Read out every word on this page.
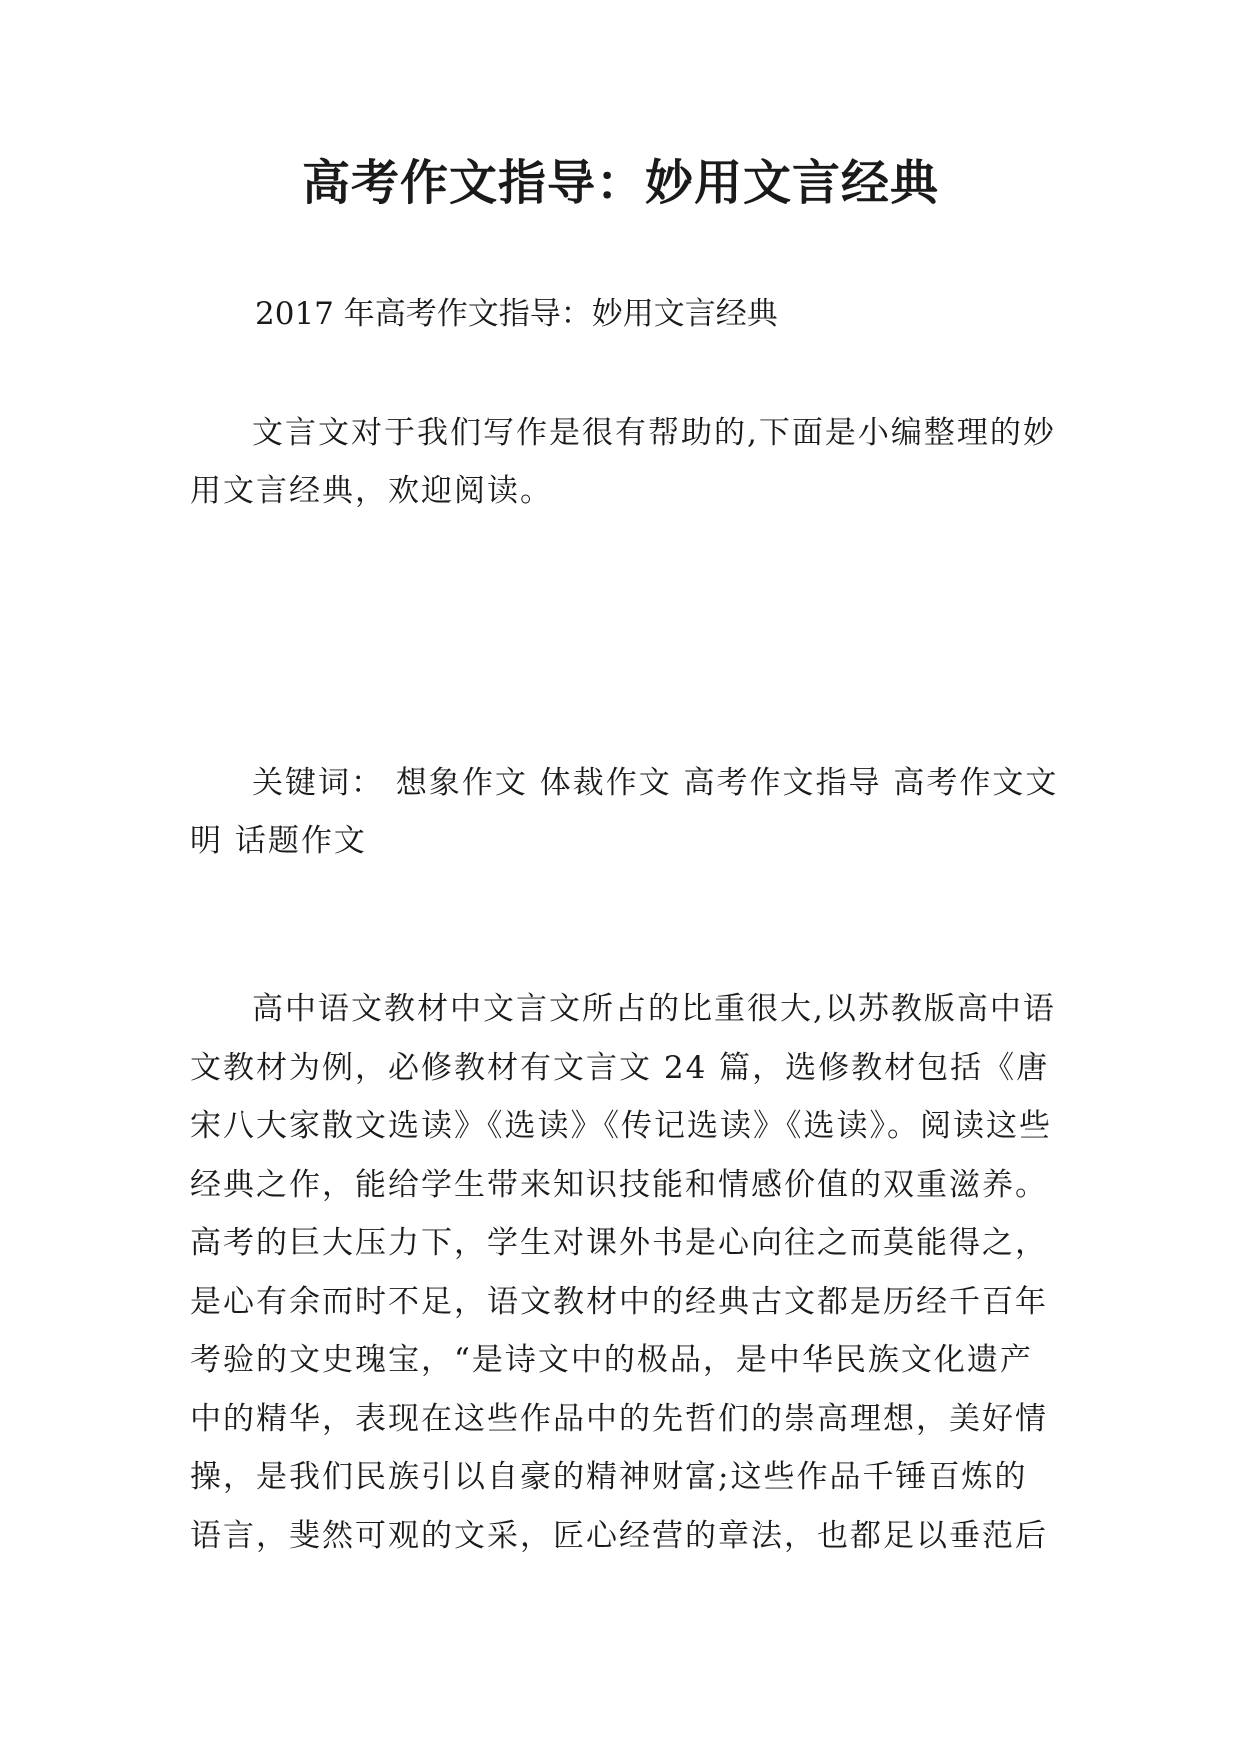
高考作文指导：妙用文言经典

2017 年高考作文指导：妙用文言经典

文言文对于我们写作是很有帮助的,下面是小编整理的妙用文言经典，欢迎阅读。

关键词： 想象作文 体裁作文 高考作文指导 高考作文文明 话题作文

高中语文教材中文言文所占的比重很大,以苏教版高中语文教材为例，必修教材有文言文 24 篇，选修教材包括《唐宋八大家散文选读》《选读》《传记选读》《选读》。阅读这些经典之作，能给学生带来知识技能和情感价值的双重滋养。高考的巨大压力下，学生对课外书是心向往之而莫能得之，是心有余而时不足，语文教材中的经典古文都是历经千百年考验的文史瑰宝，“是诗文中的极品，是中华民族文化遗产中的精华，表现在这些作品中的先哲们的崇高理想，美好情操，是我们民族引以自豪的精神财富;这些作品千锤百炼的语言，斐然可观的文采，匠心经营的章法，也都足以垂范后
